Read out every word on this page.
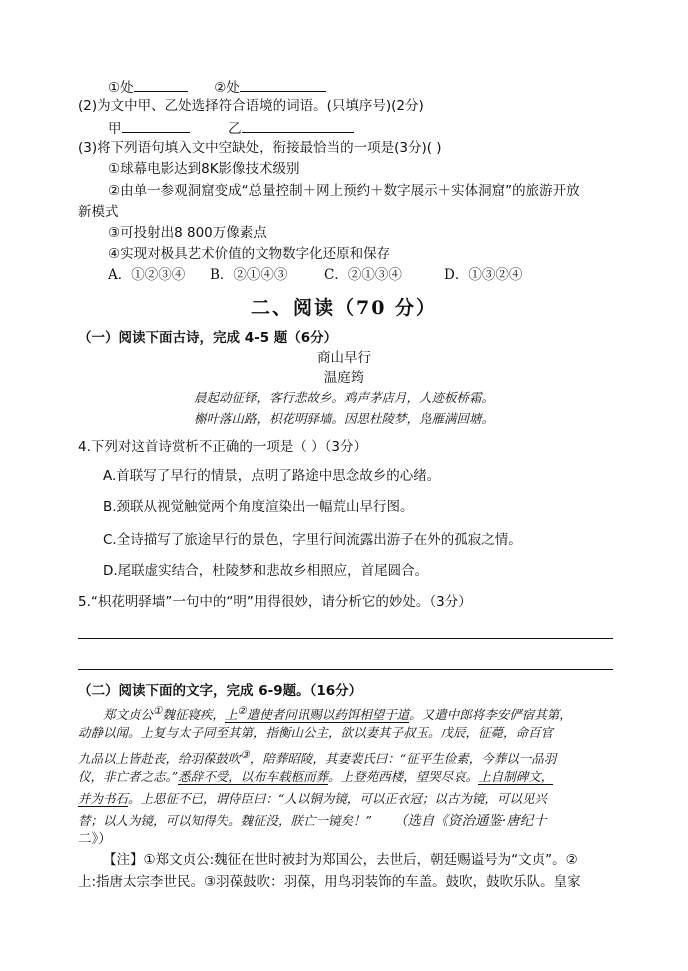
①处	②处
(2)为文中甲、乙处选择符合语境的词语。(只填序号)(2分)
甲	乙
(3)将下列语句填入文中空缺处，衔接最恰当的一项是(3分)( )
①球幕电影达到8K影像技术级别
②由单一参观洞窟变成“总量控制＋网上预约＋数字展示＋实体洞窟”的旅游开放
新模式
③可投射出8 800万像素点
④实现对极具艺术价值的文物数字化还原和保存
A．①②③④ B．②①④③	C．②①③④	D．①③②④
二、阅读（70 分）
（一）阅读下面古诗，完成 4-5 题（6分）
商山早行
温庭筠
晨起动征铎，客行悲故乡。鸡声茅店月，人迹板桥霜。
槲叶落山路，枳花明驿墙。因思杜陵梦，凫雁满回塘。
4.下列对这首诗赏析不正确的一项是（ ）（3分）
A.首联写了早行的情景，点明了路途中思念故乡的心绪。
B.颈联从视觉触觉两个角度渲染出一幅荒山早行图。
C.全诗描写了旅途早行的景色，字里行间流露出游子在外的孤寂之情。
D.尾联虚实结合，杜陵梦和悲故乡相照应，首尾圆合。
5.“枳花明驿墙”一句中的“明”用得很妙，请分析它的妙处。（3分）
（二）阅读下面的文字，完成 6-9题。（16分）
郑文贞公①魏征寝疾，上②遣使者问讯赐以药饵相望于道。又遣中郎将李安俨宿其第，
动静以闻。上复与太子同至其第，指衡山公主，欲以妻其子叔玉。戊辰，征薨，命百官
九品以上皆赴丧，给羽葆鼓吹③，陪葬昭陵，其妻裴氏曰：“征平生俭素，今葬以一品羽
仪，非亡者之志。”悉辞不受，以布车载柩而葬。上登苑西楼，望哭尽哀。上自制碑文，
并为书石。上思征不已，谓侍臣曰：“人以铜为镜，可以正衣冠；以古为镜，可以见兴
替；以人为镜，可以知得失。魏征没，朕亡一镜矣！” （选自《资治通鉴·唐纪十
二》）
【注】①郑文贞公:魏征在世时被封为郑国公，去世后，朝廷赐谥号为“文贞”。②
上:指唐太宗李世民。③羽葆鼓吹：羽葆，用鸟羽装饰的车盖。鼓吹，鼓吹乐队。皇家
